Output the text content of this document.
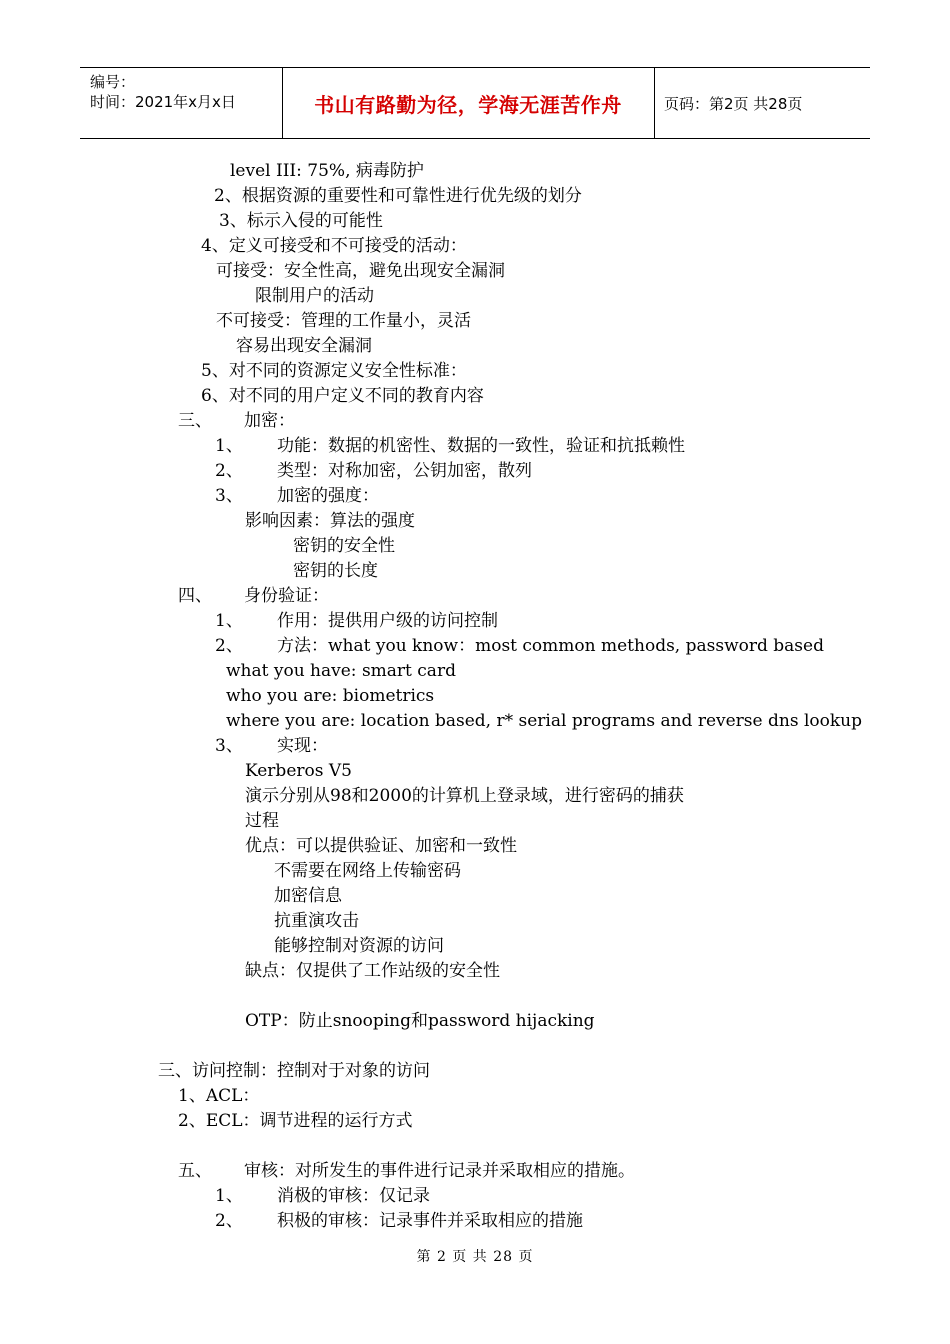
编号：
时间：2021年x月x日	书山有路勤为径，学海无涯苦作舟	页码：第2页 共28页
level III: 75%, 病毒防护
2、根据资源的重要性和可靠性进行优先级的划分
3、标示入侵的可能性
4、定义可接受和不可接受的活动：
可接受：安全性高，避免出现安全漏洞
限制用户的活动
不可接受：管理的工作量小，灵活
容易出现安全漏洞
5、对不同的资源定义安全性标准：
6、对不同的用户定义不同的教育内容
三、 加密：
1、 功能：数据的机密性、数据的一致性，验证和抗抵赖性
2、 类型：对称加密，公钥加密，散列
3、 加密的强度：
影响因素：算法的强度
密钥的安全性
密钥的长度
四、 身份验证：
1、 作用：提供用户级的访问控制
2、 方法：what you know：most common methods, password based
what you have: smart card
who you are: biometrics
where you are: location based, r* serial programs and reverse dns lookup
3、 实现：
Kerberos V5
演示分别从98和2000的计算机上登录域，进行密码的捕获
过程
优点：可以提供验证、加密和一致性
不需要在网络上传输密码
加密信息
抗重演攻击
能够控制对资源的访问
缺点：仅提供了工作站级的安全性
OTP：防止snooping和password hijacking
三、访问控制：控制对于对象的访问
1、ACL：
2、ECL：调节进程的运行方式
五、 审核：对所发生的事件进行记录并采取相应的措施。
1、 消极的审核：仅记录
2、 积极的审核：记录事件并采取相应的措施
第 2 页 共 28 页
